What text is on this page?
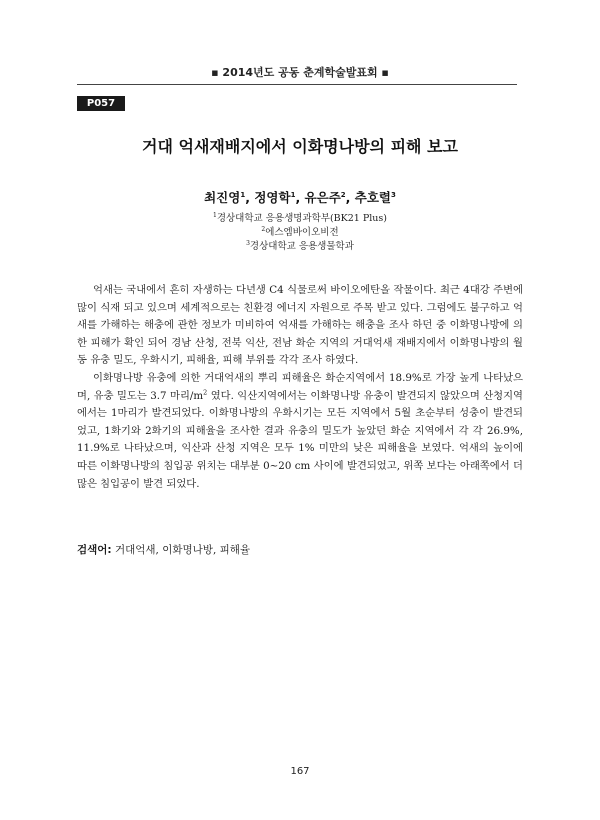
▪ 2014년도 공동 춘계학술발표회 ▪
P057
거대 억새재배지에서 이화명나방의 피해 보고
최진영$^1$, 정영학$^1$, 유은주$^2$, 추호렬$^3$
$^1$경상대학교 응용생명과학부(BK21 Plus)
$^2$에스엠바이오비전
$^3$경상대학교 응용생물학과

억새는 국내에서 흔히 자생하는 다년생 C4 식물로써 바이오에탄올 작물이다. 최근 4대강 주변에 많이 식재 되고 있으며 세계적으로는 친환경 에너지 자원으로 주목 받고 있다. 그럼에도 불구하고 억새를 가해하는 해충에 관한 정보가 미비하여 억새를 가해하는 해충을 조사 하던 중 이화명나방에 의한 피해가 확인 되어 경남 산청, 전북 익산, 전남 화순 지역의 거대억새 재배지에서 이화명나방의 월동 유충 밀도, 우화시기, 피해율, 피해 부위를 각각 조사 하였다.

이화명나방 유충에 의한 거대억새의 뿌리 피해율은 화순지역에서 18.9%로 가장 높게 나타났으며, 유충 밀도는 3.7 마리$/m^2$ 였다. 익산지역에서는 이화명나방 유충이 발견되지 않았으며 산청지역에서는 1마리가 발견되었다. 이화명나방의 우화시기는 모든 지역에서 5월 초순부터 성충이 발견되었고, 1화기와 2화기의 피해율을 조사한 결과 유충의 밀도가 높았던 화순 지역에서 각 각 26.9%, 11.9%로 나타났으며, 익산과 산청 지역은 모두 1% 미만의 낮은 피해율을 보였다. 억새의 높이에 따른 이화명나방의 침입공 위치는 대부분 0∼20 cm 사이에 발견되었고, 위쪽 보다는 아래쪽에서 더 많은 침입공이 발견 되었다.

검색어: 거대억새, 이화명나방, 피해율
167
